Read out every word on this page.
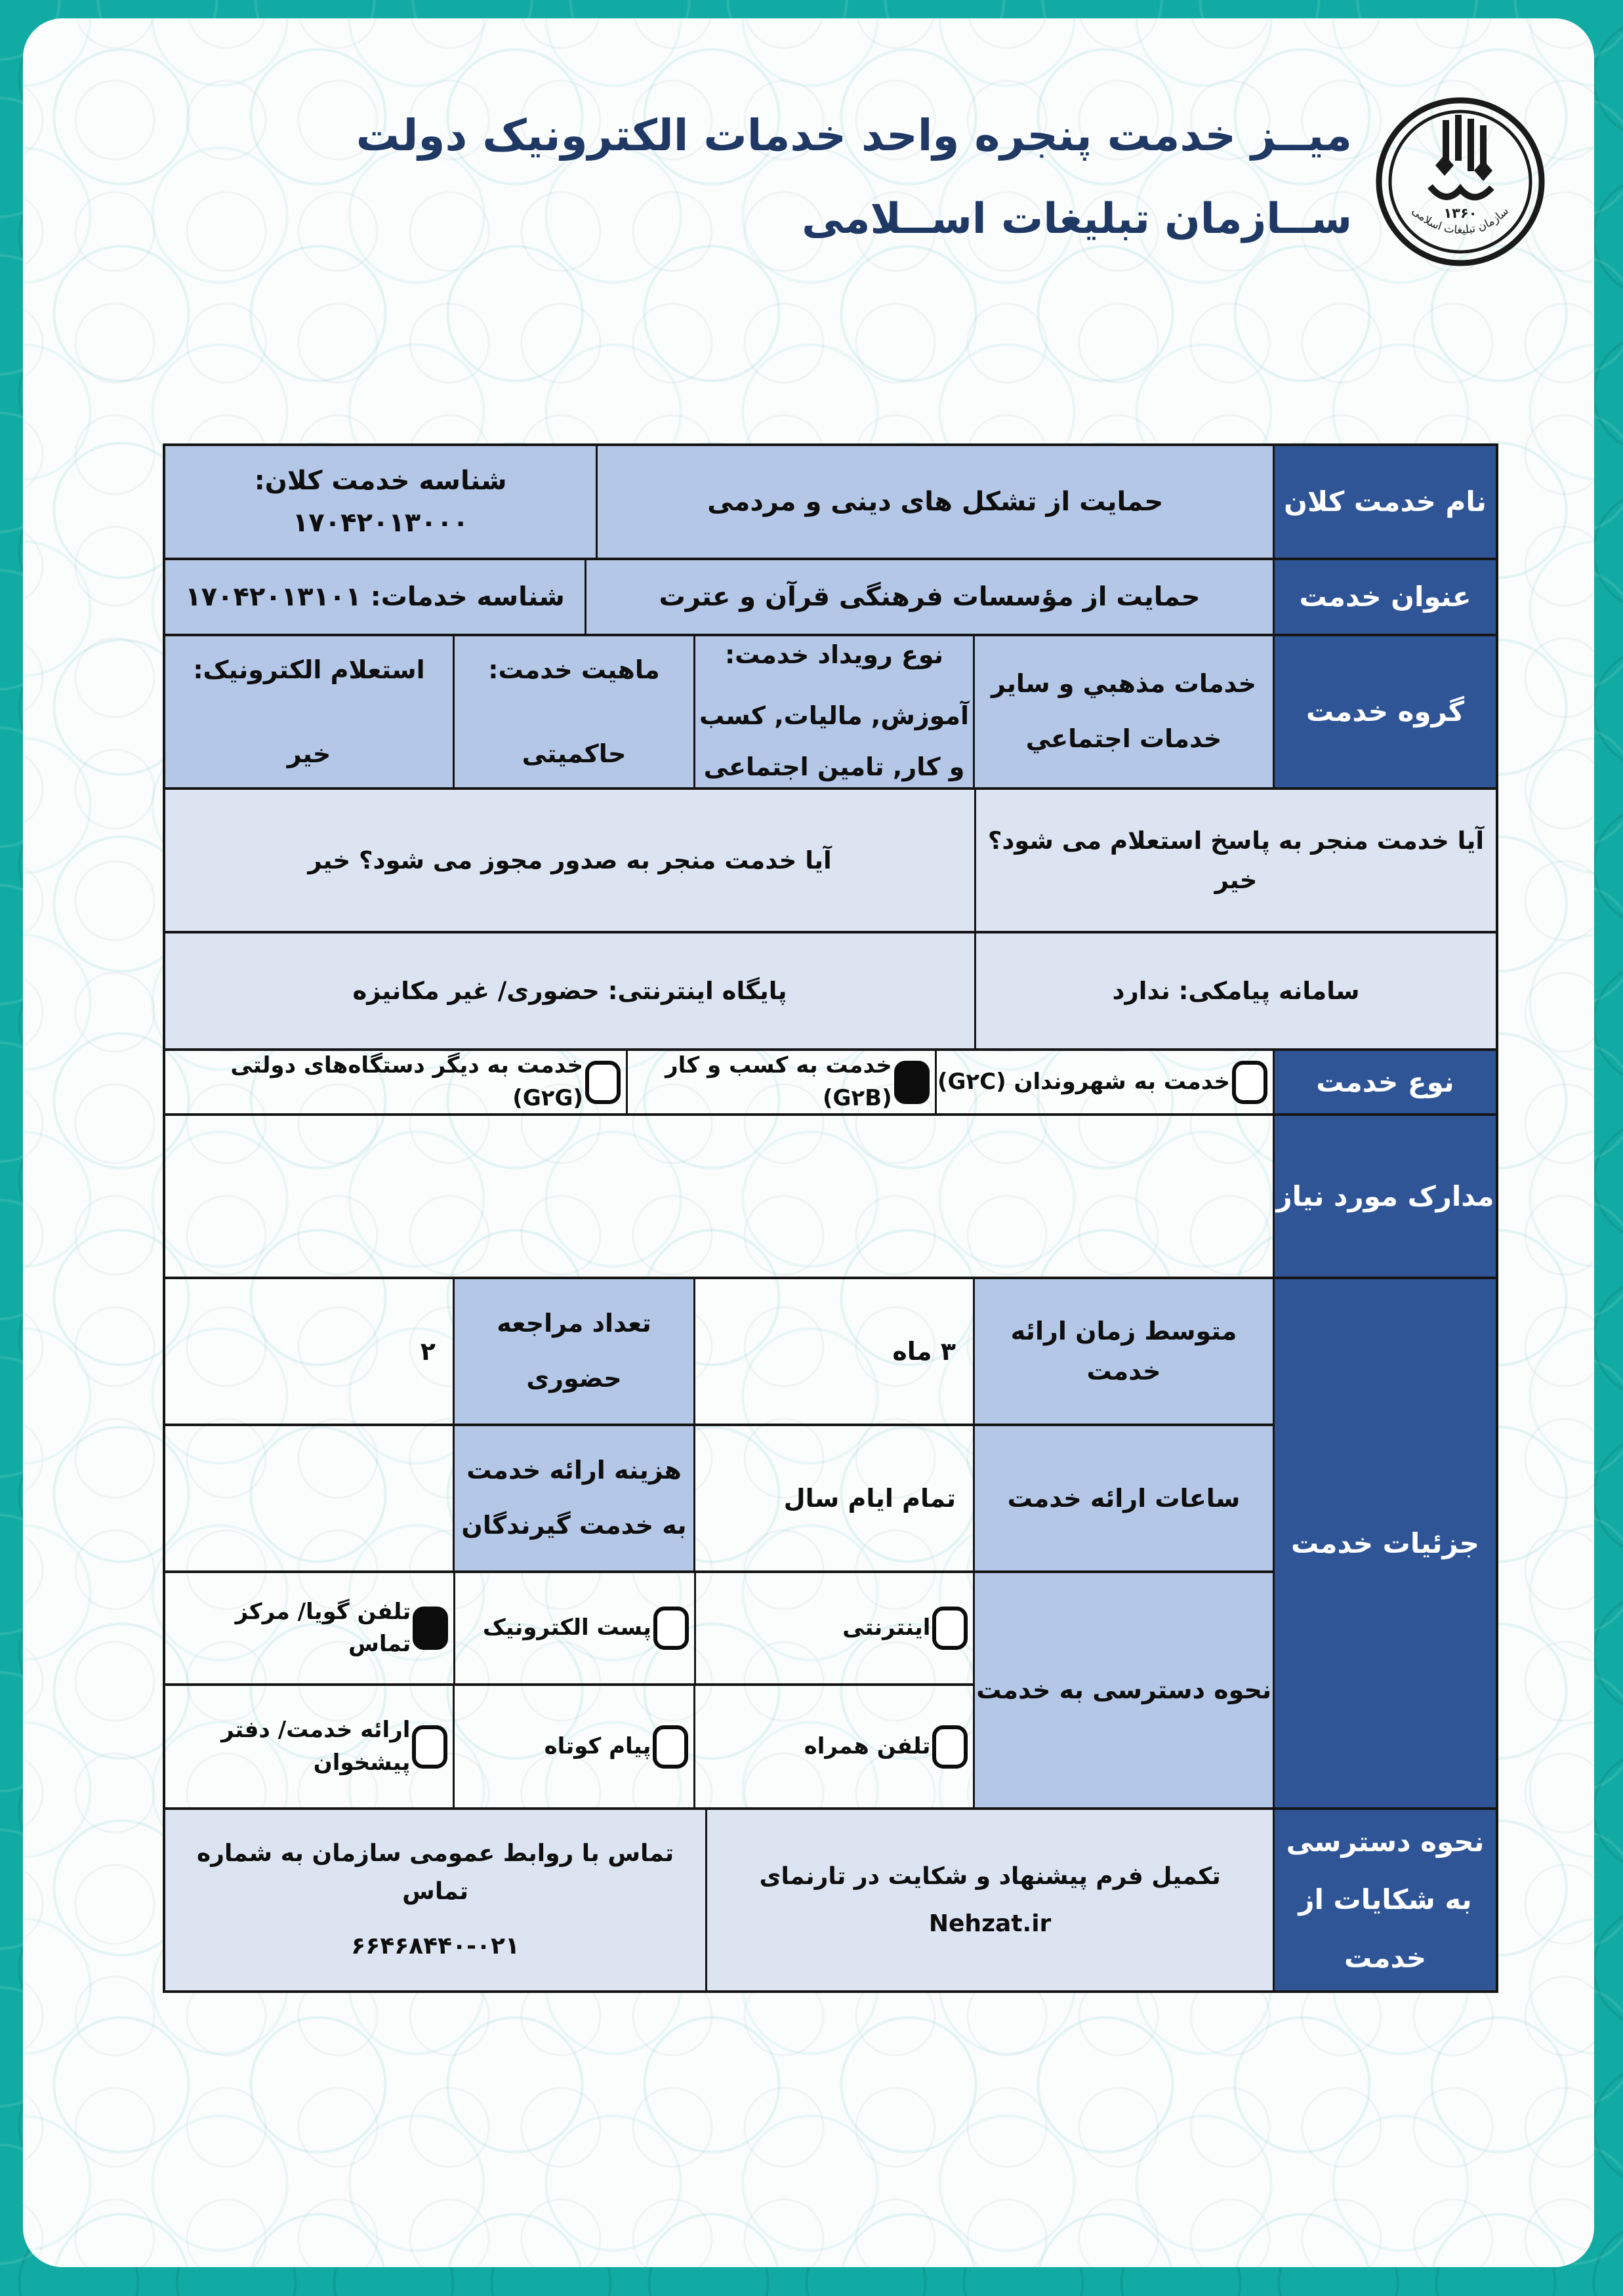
میــز خدمت پنجره واحد خدمات الکترونیک دولت
ســازمان تبلیغات اســلامی	۱۳۶۰
سازمان تبلیغات اسلامی
نام خدمت کلان
حمایت از تشکل های دینی و مردمی
شناسه خدمت کلان: ۱۷۰۴۲۰۱۳۰۰۰
عنوان خدمت
حمایت از مؤسسات فرهنگی قرآن و عترت
شناسه خدمات: ۱۷۰۴۲۰۱۳۱۰۱
گروه خدمت
خدمات مذهبي و ساير خدمات اجتماعي
نوع رویداد خدمت:
آموزش, مالیات, کسب و کار, تامین اجتماعی
ماهیت خدمت:
حاکمیتی
استعلام الکترونیک:
خیر
آیا خدمت منجر به پاسخ استعلام می شود؟ خیر
آیا خدمت منجر به صدور مجوز می شود؟ خیر
سامانه پیامکی: ندارد
پایگاه اینترنتی: حضوری/ غیر مکانیزه
نوع خدمت
خدمت به شهروندان (G۲C)
خدمت به کسب و کار (G۲B)
خدمت به دیگر دستگاه‌های دولتی (G۲G)
مدارک مورد نیاز
جزئیات خدمت
متوسط زمان ارائه خدمت
۳ ماه
تعداد مراجعه حضوری
۲
ساعات ارائه خدمت
تمام ایام سال
هزینه ارائه خدمت به خدمت گیرندگان
نحوه دسترسی به خدمت
اینترنتی
پست الکترونیک
تلفن گویا/ مرکز تماس
تلفن همراه
پیام کوتاه
ارائه خدمت/ دفتر پیشخوان
نحوه دسترسی به شکایات از خدمت
تکمیل فرم پیشنهاد و شکایت در تارنمای Nehzat.ir
تماس با روابط عمومی سازمان به شماره تماس
۶۶۴۶۸۴۴۰-۰۲۱
